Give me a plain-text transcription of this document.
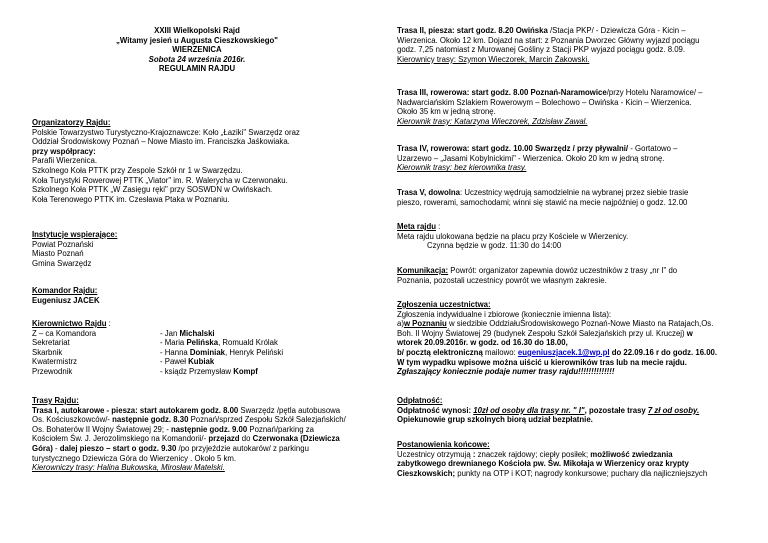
XXIII Wielkopolski Rajd

„Witamy jesień u Augusta Cieszkowskiego"

WIERZENICA

Sobota 24 września 2016r.

REGULAMIN RAJDU

Organizatorzy Rajdu:

Polskie Towarzystwo Turystyczno-Krajoznawcze: Koło „Łaziki" Swarzędz oraz

Oddział Środowiskowy Poznań – Nowe Miasto im. Franciszka Jaśkowiaka.

przy współpracy:

Parafii Wierzenica.

Szkolnego Koła PTTK przy Zespole Szkół nr 1 w Swarzędzu.

Koła Turystyki Rowerowej PTTK „Viator" im. R. Walerycha w Czerwonaku.

Szkolnego Koła PTTK „W Zasięgu ręki" przy SOSWDN w Owińskach.

Koła Terenowego PTTK im. Czesława Ptaka w Poznaniu.

Instytucje wspierające:

Powiat Poznański

Miasto Poznań

Gmina Swarzędz

Komandor Rajdu:

Eugeniusz JACEK

Kierownictwo Rajdu :

Z – ca Komandora	- Jan Michalski
Sekretariat	- Maria Pelińska, Romuald Królak
Skarbnik	- Hanna Dominiak, Henryk Peliński
Kwatermistrz	- Paweł Kubiak
Przewodnik	- ksiądz Przemysław Kompf

Trasy Rajdu:

Trasa I, autokarowe - piesza: start autokarem godz. 8.00 Swarzędz /pętla autobusowa

Os. Kościuszkowców/- następnie godz. 8.30 Poznań/sprzed Zespołu Szkół Salezjańskich/

Os. Bohaterów II Wojny Światowej 29; - następnie godz. 9.00 Poznań/parking za

Kościołem Św. J. Jerozolimskiego na Komandorii/- przejazd do Czerwonaka (Dziewicza

Góra) - dalej pieszo – start o godz. 9.30 /po przyjeździe autokarów/ z parkingu

turystycznego Dziewicza Góra do Wierzenicy . Około 5 km.

Kierowniczy trasy: Halina Bukowska, Mirosław Matelski.

Trasa II, piesza: start godz. 8.20 Owińska /Stacja PKP/ - Dziewicza Góra - Kicin –

Wierzenica. Około 12 km. Dojazd na start: z Poznania Dworzec Główny wyjazd pociągu

godz. 7,25 natomiast z Murowanej Gośliny z Stacji PKP wyjazd pociągu godz. 8.09.

Kierownicy trasy: Szymon Wieczorek, Marcin Żakowski.

Trasa III, rowerowa: start godz. 8.00 Poznań-Naramowice/przy Hotelu Naramowice/ –

Nadwarciańskim Szlakiem Rowerowym – Bolechowo – Owińska - Kicin – Wierzenica.

Około 35 km w jedną stronę.

Kierownik trasy: Katarzyna Wieczorek, Zdzisław Zawal.

Trasa IV, rowerowa: start godz. 10.00 Swarzędz / przy pływalni/ - Gortatowo –

Uzarzewo – „Jasami Kobylnickimi" - Wierzenica. Około 20 km w jedną stronę.

Kierownik trasy: bez kierownika trasy.

Trasa V, dowolna: Uczestnicy wędrują samodzielnie na wybranej przez siebie trasie

pieszo, rowerami, samochodami; winni się stawić na mecie najpóźniej o godz. 12.00

Meta rajdu :

Meta rajdu ulokowana będzie na placu przy Kościele w Wierzenicy.

Czynna będzie w godz. 11:30 do 14:00

Komunikacja: Powrót: organizator zapewnia dowóz uczestników z trasy „nr I" do

Poznania, pozostali uczestnicy powrót we własnym zakresie.

Zgłoszenia uczestnictwa:

Zgłoszenia indywidualne i zbiorowe (koniecznie imienna lista):

a)w Poznaniu w siedzibie OddziałuŚrodowiskowego Poznań-Nowe Miasto na Ratajach,Os.

Boh. II Wojny Światowej 29 (budynek Zespołu Szkół Salezjańskich przy ul. Kruczej) w

wtorek 20.09.2016r. w godz. od 16.30 do 18.00,

b/ pocztą elektroniczną mailowo: eugeniuszjacek.1@wp.pl do 22.09.16 r do godz. 16.00.

W tym wypadku wpisowe można uiścić u kierowników tras lub na mecie rajdu.

Zgłaszający koniecznie podaje numer trasy rajdu!!!!!!!!!!!!!!

Odpłatność:

Odpłatność wynosi: 10zł od osoby dla trasy nr. " I", pozostałe trasy 7 zł od osoby.

Opiekunowie grup szkolnych biorą udział bezpłatnie.

Postanowienia końcowe:

Uczestnicy otrzymują : znaczek rajdowy; ciepły posiłek; możliwość zwiedzania

zabytkowego drewnianego Kościoła pw. Św. Mikołaja w Wierzenicy oraz krypty

Cieszkowskich; punkty na OTP i KOT; nagrody konkursowe; puchary dla najliczniejszych
